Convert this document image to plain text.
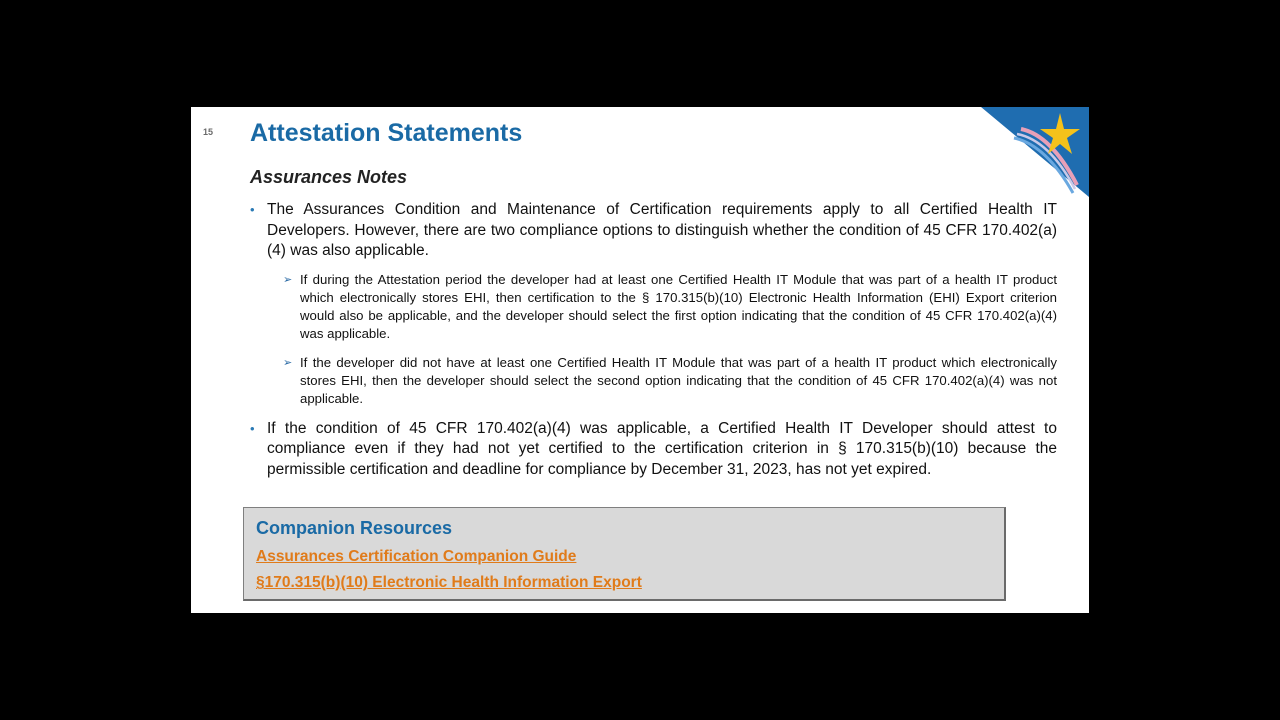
15 Attestation Statements
Assurances Notes
• The Assurances Condition and Maintenance of Certification requirements apply to all Certified Health IT Developers. However, there are two compliance options to distinguish whether the condition of 45 CFR 170.402(a)(4) was also applicable.
➢ If during the Attestation period the developer had at least one Certified Health IT Module that was part of a health IT product which electronically stores EHI, then certification to the § 170.315(b)(10) Electronic Health Information (EHI) Export criterion would also be applicable, and the developer should select the first option indicating that the condition of 45 CFR 170.402(a)(4) was applicable.
➢ If the developer did not have at least one Certified Health IT Module that was part of a health IT product which electronically stores EHI, then the developer should select the second option indicating that the condition of 45 CFR 170.402(a)(4) was not applicable.
• If the condition of 45 CFR 170.402(a)(4) was applicable, a Certified Health IT Developer should attest to compliance even if they had not yet certified to the certification criterion in § 170.315(b)(10) because the permissible certification and deadline for compliance by December 31, 2023, has not yet expired.
Companion Resources
Assurances Certification Companion Guide
§170.315(b)(10) Electronic Health Information Export
